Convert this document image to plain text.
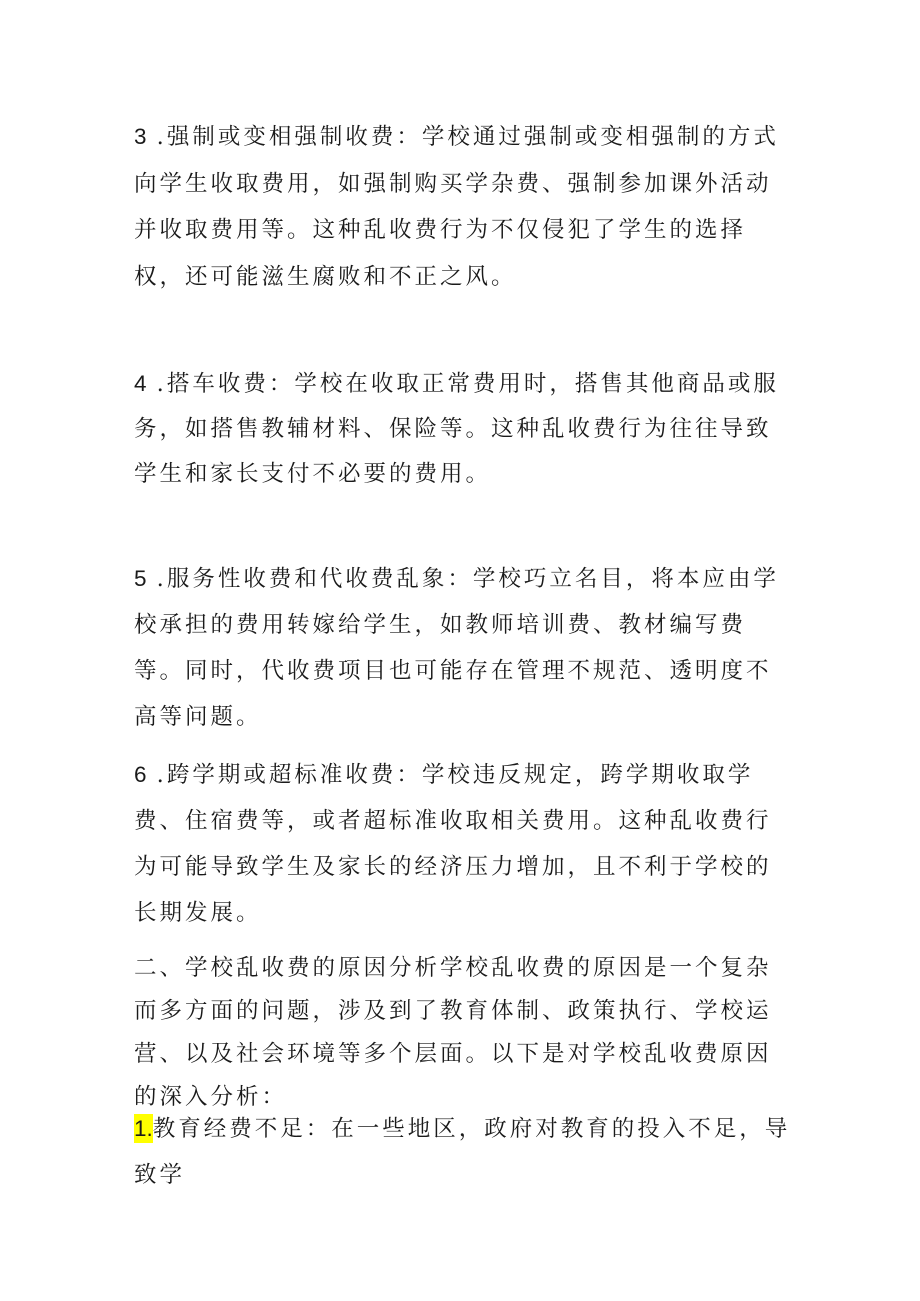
3 .强制或变相强制收费：学校通过强制或变相强制的方式向学生收取费用，如强制购买学杂费、强制参加课外活动并收取费用等。这种乱收费行为不仅侵犯了学生的选择权，还可能滋生腐败和不正之风。

4 .搭车收费：学校在收取正常费用时，搭售其他商品或服务，如搭售教辅材料、保险等。这种乱收费行为往往导致学生和家长支付不必要的费用。

5 .服务性收费和代收费乱象：学校巧立名目，将本应由学校承担的费用转嫁给学生，如教师培训费、教材编写费等。同时，代收费项目也可能存在管理不规范、透明度不高等问题。

6 .跨学期或超标准收费：学校违反规定，跨学期收取学费、住宿费等，或者超标准收取相关费用。这种乱收费行为可能导致学生及家长的经济压力增加，且不利于学校的长期发展。

二、学校乱收费的原因分析学校乱收费的原因是一个复杂而多方面的问题，涉及到了教育体制、政策执行、学校运营、以及社会环境等多个层面。以下是对学校乱收费原因的深入分析：

1.教育经费不足：在一些地区，政府对教育的投入不足，导致学
